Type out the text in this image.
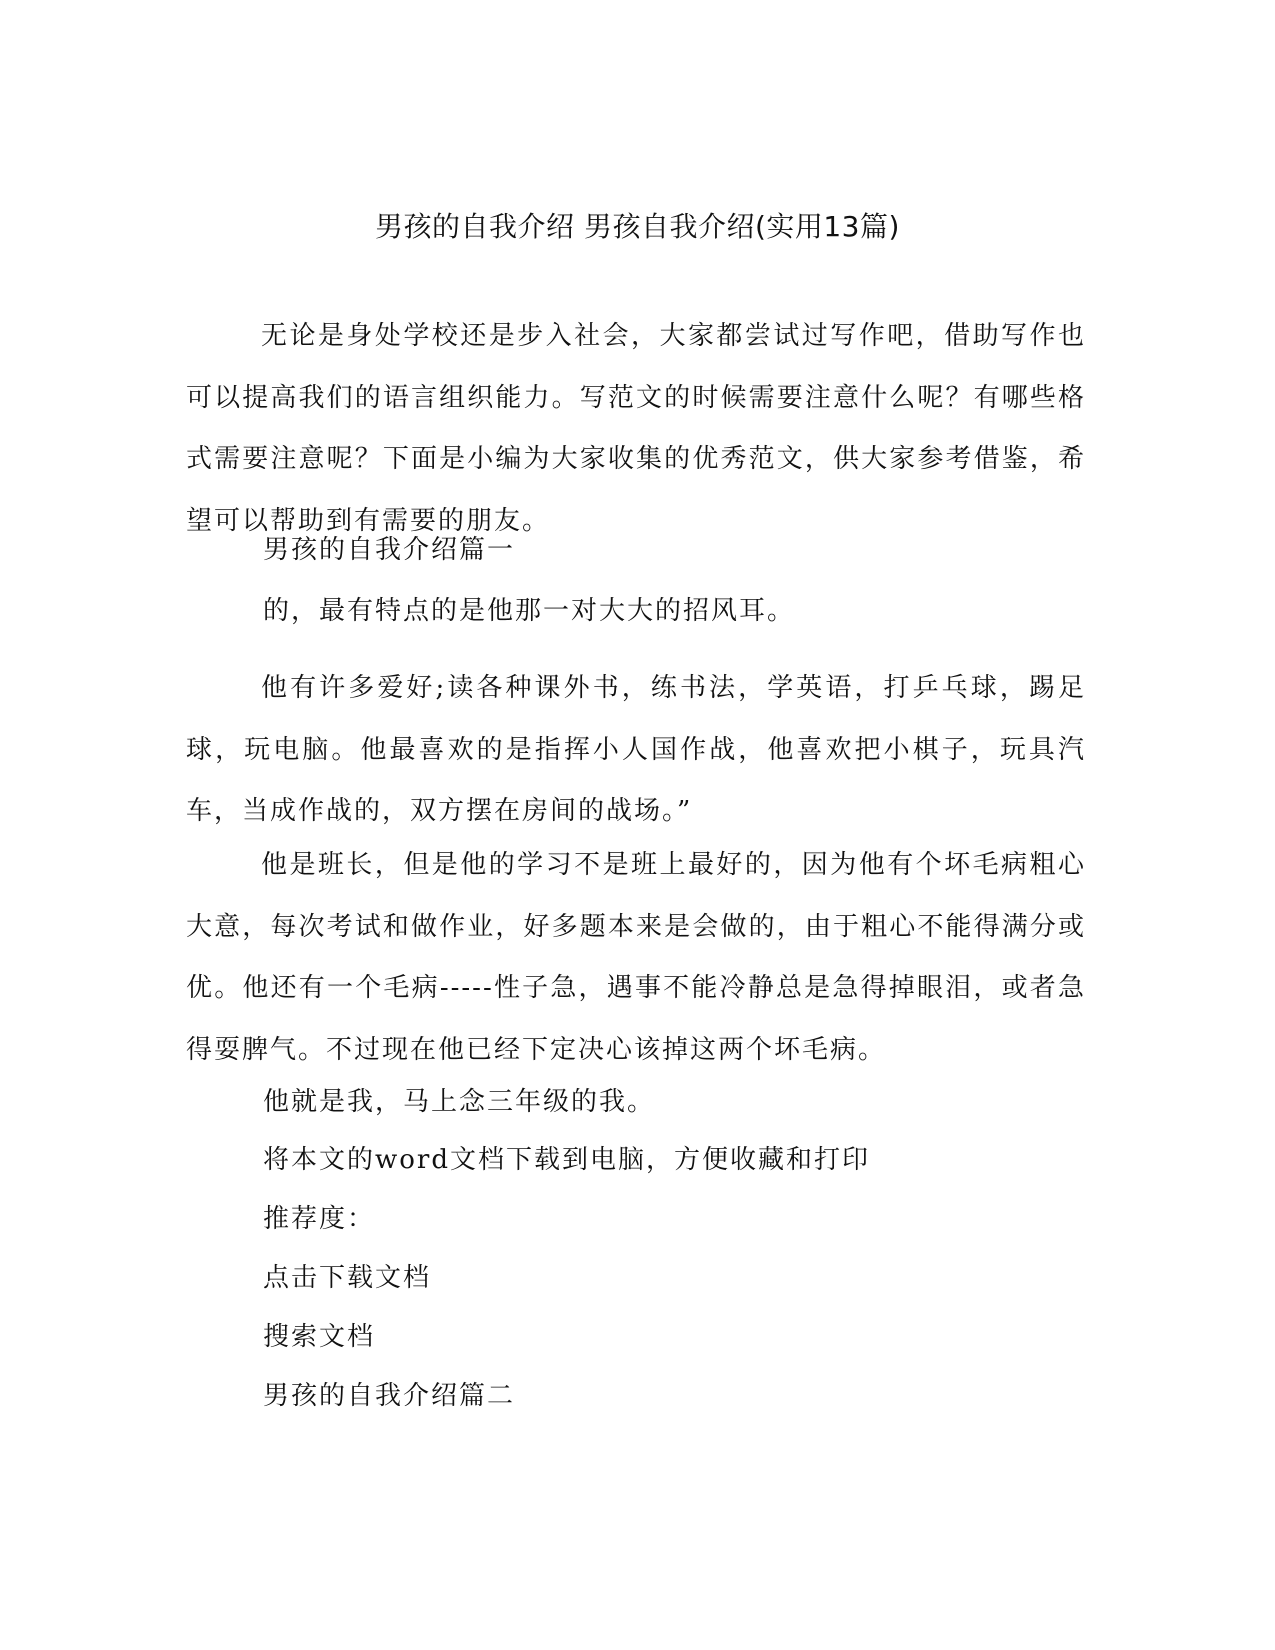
男孩的自我介绍 男孩自我介绍(实用13篇)

无论是身处学校还是步入社会，大家都尝试过写作吧，借助写作也可以提高我们的语言组织能力。写范文的时候需要注意什么呢？有哪些格式需要注意呢？下面是小编为大家收集的优秀范文，供大家参考借鉴，希望可以帮助到有需要的朋友。

男孩的自我介绍篇一
的，最有特点的是他那一对大大的招风耳。

他有许多爱好;读各种课外书，练书法，学英语，打乒乓球，踢足球，玩电脑。他最喜欢的是指挥小人国作战，他喜欢把小棋子，玩具汽车，当成作战的，双方摆在房间的战场。”

他是班长，但是他的学习不是班上最好的，因为他有个坏毛病粗心大意，每次考试和做作业，好多题本来是会做的，由于粗心不能得满分或优。他还有一个毛病-----性子急，遇事不能冷静总是急得掉眼泪，或者急得耍脾气。不过现在他已经下定决心该掉这两个坏毛病。

他就是我，马上念三年级的我。
将本文的word文档下载到电脑，方便收藏和打印
推荐度：
点击下载文档
搜索文档
男孩的自我介绍篇二
